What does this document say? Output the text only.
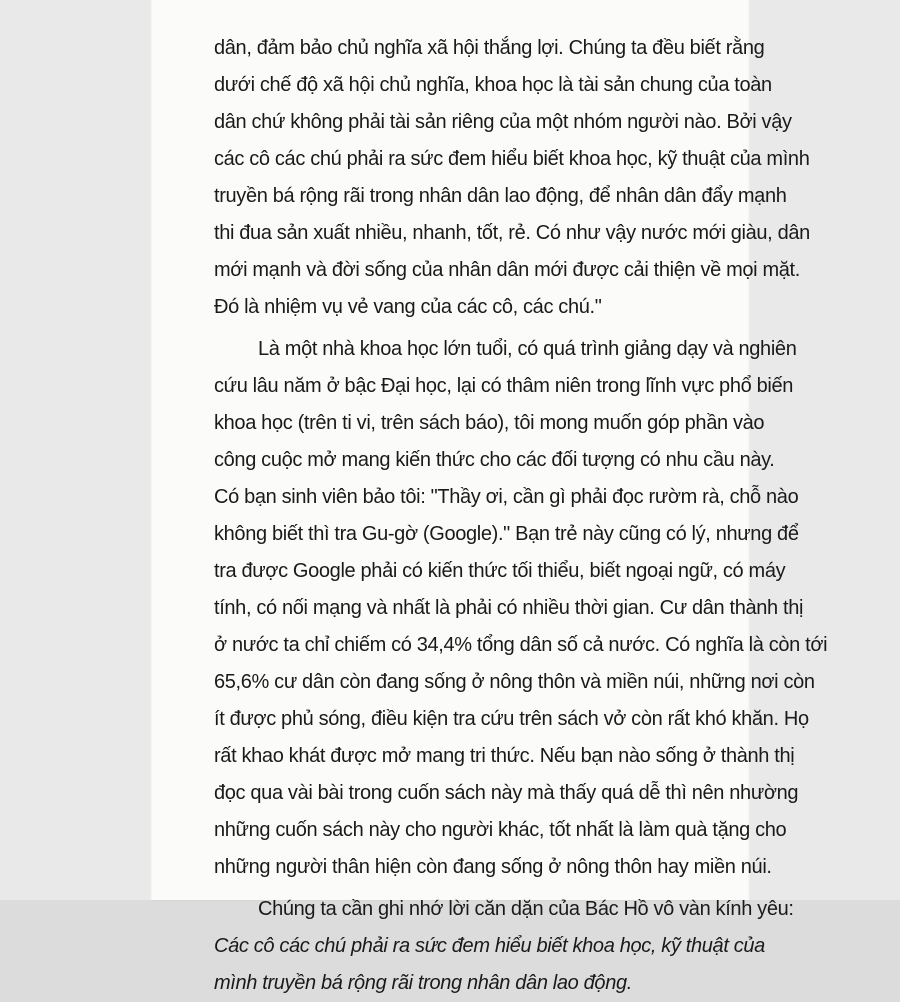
dân, đảm bảo chủ nghĩa xã hội thắng lợi. Chúng ta đều biết rằng
dưới chế độ xã hội chủ nghĩa, khoa học là tài sản chung của toàn
dân chứ không phải tài sản riêng của một nhóm người nào. Bởi vậy
các cô các chú phải ra sức đem hiểu biết khoa học, kỹ thuật của mình
truyền bá rộng rãi trong nhân dân lao động, để nhân dân đẩy mạnh
thi đua sản xuất nhiều, nhanh, tốt, rẻ. Có như vậy nước mới giàu, dân
mới mạnh và đời sống của nhân dân mới được cải thiện về mọi mặt.
Đó là nhiệm vụ vẻ vang của các cô, các chú."
Là một nhà khoa học lớn tuổi, có quá trình giảng dạy và nghiên
cứu lâu năm ở bậc Đại học, lại có thâm niên trong lĩnh vực phổ biến
khoa học (trên ti vi, trên sách báo), tôi mong muốn góp phần vào
công cuộc mở mang kiến thức cho các đối tượng có nhu cầu này.
Có bạn sinh viên bảo tôi: "Thầy ơi, cần gì phải đọc rườm rà, chỗ nào
không biết thì tra Gu-gờ (Google)." Bạn trẻ này cũng có lý, nhưng để
tra được Google phải có kiến thức tối thiểu, biết ngoại ngữ, có máy
tính, có nối mạng và nhất là phải có nhiều thời gian. Cư dân thành thị
ở nước ta chỉ chiếm có 34,4% tổng dân số cả nước. Có nghĩa là còn tới
65,6% cư dân còn đang sống ở nông thôn và miền núi, những nơi còn
ít được phủ sóng, điều kiện tra cứu trên sách vở còn rất khó khăn. Họ
rất khao khát được mở mang tri thức. Nếu bạn nào sống ở thành thị
đọc qua vài bài trong cuốn sách này mà thấy quá dễ thì nên nhường
những cuốn sách này cho người khác, tốt nhất là làm quà tặng cho
những người thân hiện còn đang sống ở nông thôn hay miền núi.
Chúng ta cần ghi nhớ lời căn dặn của Bác Hồ vô vàn kính yêu:
Các cô các chú phải ra sức đem hiểu biết khoa học, kỹ thuật của
mình truyền bá rộng rãi trong nhân dân lao động.
